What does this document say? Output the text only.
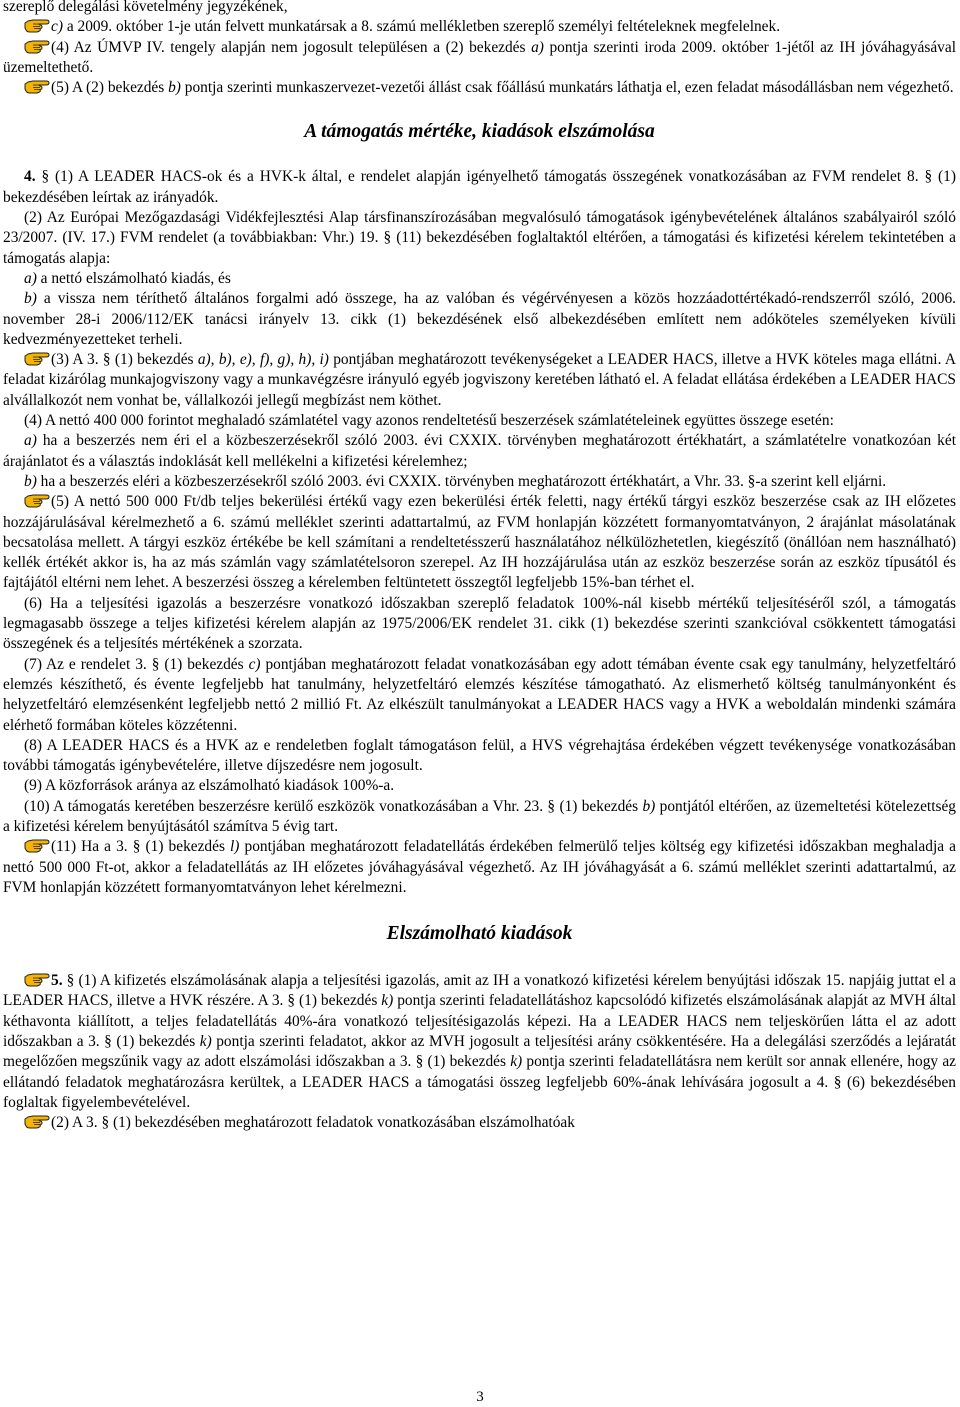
szereplő delegálási követelmény jegyzékének,

c) a 2009. október 1-je után felvett munkatársak a 8. számú mellékletben szereplő személyi feltételeknek megfelelnek.

(4) Az ÚMVP IV. tengely alapján nem jogosult településen a (2) bekezdés a) pontja szerinti iroda 2009. október 1-jétől az IH jóváhagyásával üzemeltethető.

(5) A (2) bekezdés b) pontja szerinti munkaszervezet-vezetői állást csak főállású munkatárs láthatja el, ezen feladat másodállásban nem végezhető.

A támogatás mértéke, kiadások elszámolása

4. § (1) A LEADER HACS-ok és a HVK-k által, e rendelet alapján igényelhető támogatás összegének vonatkozásában az FVM rendelet 8. § (1) bekezdésében leírtak az irányadók.

(2) Az Európai Mezőgazdasági Vidékfejlesztési Alap társfinanszírozásában megvalósuló támogatások igénybevételének általános szabályairól szóló 23/2007. (IV. 17.) FVM rendelet (a továbbiakban: Vhr.) 19. § (11) bekezdésében foglaltaktól eltérően, a támogatási és kifizetési kérelem tekintetében a támogatás alapja:

a) a nettó elszámolható kiadás, és

b) a vissza nem téríthető általános forgalmi adó összege, ha az valóban és végérvényesen a közös hozzáadottértékadó-rendszerről szóló, 2006. november 28-i 2006/112/EK tanácsi irányelv 13. cikk (1) bekezdésének első albekezdésében említett nem adóköteles személyeken kívüli kedvezményezetteket terheli.

(3) A 3. § (1) bekezdés a), b), e), f), g), h), i) pontjában meghatározott tevékenységeket a LEADER HACS, illetve a HVK köteles maga ellátni. A feladat kizárólag munkajogviszony vagy a munkavégzésre irányuló egyéb jogviszony keretében látható el. A feladat ellátása érdekében a LEADER HACS alvállalkozót nem vonhat be, vállalkozói jellegű megbízást nem köthet.

(4) A nettó 400 000 forintot meghaladó számlatétel vagy azonos rendeltetésű beszerzések számlatételeinek együttes összege esetén:

a) ha a beszerzés nem éri el a közbeszerzésekről szóló 2003. évi CXXIX. törvényben meghatározott értékhatárt, a számlatételre vonatkozóan két árajánlatot és a választás indoklását kell mellékelni a kifizetési kérelemhez;

b) ha a beszerzés eléri a közbeszerzésekről szóló 2003. évi CXXIX. törvényben meghatározott értékhatárt, a Vhr. 33. §-a szerint kell eljárni.

(5) A nettó 500 000 Ft/db teljes bekerülési értékű vagy ezen bekerülési érték feletti, nagy értékű tárgyi eszköz beszerzése csak az IH előzetes hozzájárulásával kérelmezhető a 6. számú melléklet szerinti adattartalmú, az FVM honlapján közzétett formanyomtatványon, 2 árajánlat másolatának becsatolása mellett. A tárgyi eszköz értékébe be kell számítani a rendeltetésszerű használatához nélkülözhetetlen, kiegészítő (önállóan nem használható) kellék értékét akkor is, ha az más számlán vagy számlatételsoron szerepel. Az IH hozzájárulása után az eszköz beszerzése során az eszköz típusától és fajtájától eltérni nem lehet. A beszerzési összeg a kérelemben feltüntetett összegtől legfeljebb 15%-ban térhet el.

(6) Ha a teljesítési igazolás a beszerzésre vonatkozó időszakban szereplő feladatok 100%-nál kisebb mértékű teljesítéséről szól, a támogatás legmagasabb összege a teljes kifizetési kérelem alapján az 1975/2006/EK rendelet 31. cikk (1) bekezdése szerinti szankcióval csökkentett támogatási összegének és a teljesítés mértékének a szorzata.

(7) Az e rendelet 3. § (1) bekezdés c) pontjában meghatározott feladat vonatkozásában egy adott témában évente csak egy tanulmány, helyzetfeltáró elemzés készíthető, és évente legfeljebb hat tanulmány, helyzetfeltáró elemzés készítése támogatható. Az elismerhető költség tanulmányonként és helyzetfeltáró elemzésenként legfeljebb nettó 2 millió Ft. Az elkészült tanulmányokat a LEADER HACS vagy a HVK a weboldalán mindenki számára elérhető formában köteles közzétenni.

(8) A LEADER HACS és a HVK az e rendeletben foglalt támogatáson felül, a HVS végrehajtása érdekében végzett tevékenysége vonatkozásában további támogatás igénybevételére, illetve díjszedésre nem jogosult.

(9) A közforrások aránya az elszámolható kiadások 100%-a.

(10) A támogatás keretében beszerzésre kerülő eszközök vonatkozásában a Vhr. 23. § (1) bekezdés b) pontjától eltérően, az üzemeltetési kötelezettség a kifizetési kérelem benyújtásától számítva 5 évig tart.

(11) Ha a 3. § (1) bekezdés l) pontjában meghatározott feladatellátás érdekében felmerülő teljes költség egy kifizetési időszakban meghaladja a nettó 500 000 Ft-ot, akkor a feladatellátás az IH előzetes jóváhagyásával végezhető. Az IH jóváhagyását a 6. számú melléklet szerinti adattartalmú, az FVM honlapján közzétett formanyomtatványon lehet kérelmezni.

Elszámolható kiadások

5. § (1) A kifizetés elszámolásának alapja a teljesítési igazolás, amit az IH a vonatkozó kifizetési kérelem benyújtási időszak 15. napjáig juttat el a LEADER HACS, illetve a HVK részére. A 3. § (1) bekezdés k) pontja szerinti feladatellátáshoz kapcsolódó kifizetés elszámolásának alapját az MVH által kéthavonta kiállított, a teljes feladatellátás 40%-ára vonatkozó teljesítésigazolás képezi. Ha a LEADER HACS nem teljeskörűen látta el az adott időszakban a 3. § (1) bekezdés k) pontja szerinti feladatot, akkor az MVH jogosult a teljesítési arány csökkentésére. Ha a delegálási szerződés a lejáratát megelőzően megszűnik vagy az adott elszámolási időszakban a 3. § (1) bekezdés k) pontja szerinti feladatellátásra nem került sor annak ellenére, hogy az ellátandó feladatok meghatározásra kerültek, a LEADER HACS a támogatási összeg legfeljebb 60%-ának lehívására jogosult a 4. § (6) bekezdésében foglaltak figyelembevételével.

(2) A 3. § (1) bekezdésében meghatározott feladatok vonatkozásában elszámolhatóak

3
